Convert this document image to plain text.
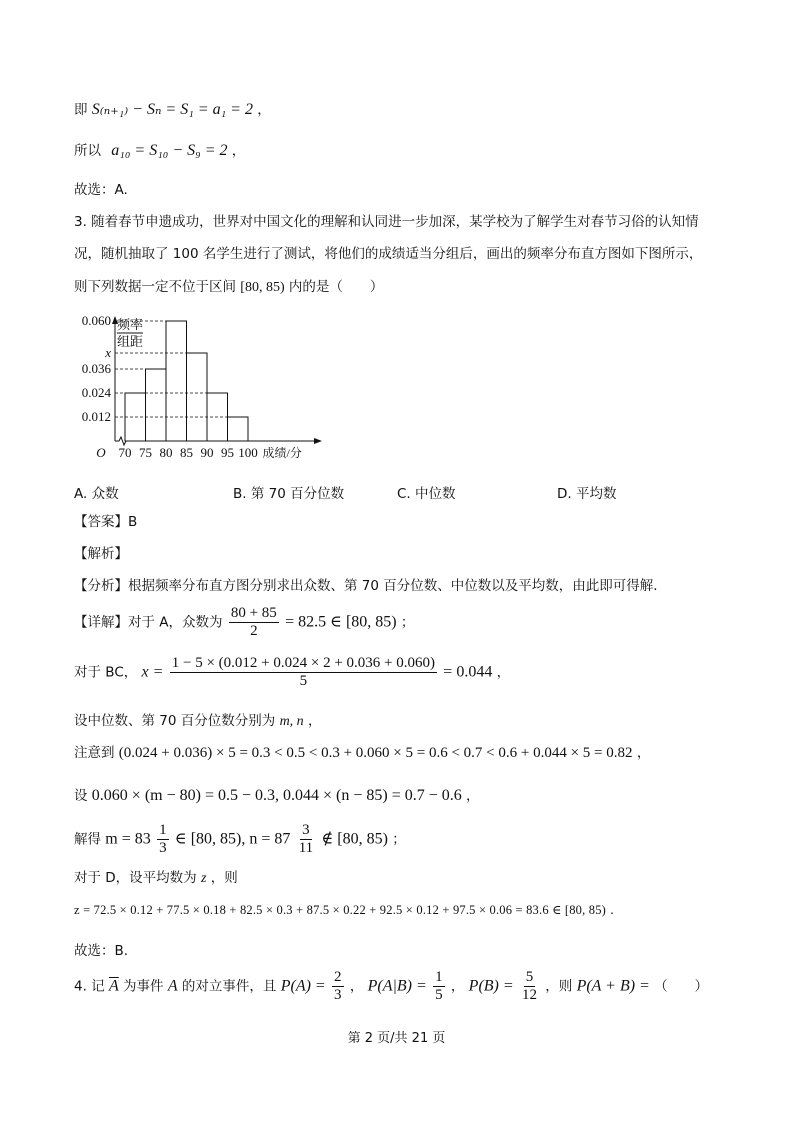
即 S₍ₙ₊₁₎ − Sₙ = S₁ = a₁ = 2 ，
所以 a₁₀ = S₁₀ − S₉ = 2 ，
故选：A.
3. 随着春节申遗成功，世界对中国文化的理解和认同进一步加深，某学校为了解学生对春节习俗的认知情
况，随机抽取了 100 名学生进行了测试，将他们的成绩适当分组后，画出的频率分布直方图如下图所示，
则下列数据一定不位于区间 [80, 85) 内的是（　　）
频率
组距
O
0.060
x
0.036
0.024
0.012
70 75 80 85 90 95 100 成绩/分
A. 众数	B. 第 70 百分位数	C. 中位数	D. 平均数
【答案】B
【解析】
【分析】根据频率分布直方图分别求出众数、第 70 百分位数、中位数以及平均数，由此即可得解.
【详解】对于 A，众数为 $\frac{80 + 85}{2} = 82.5$ ∈ [80, 85) ；
对于 BC， $x = \frac{1 - 5 \times (0.012 + 0.024 \times 2 + 0.036 + 0.060)}{5} = 0.044$ ，
设中位数、第 70 百分位数分别为 m, n ，
注意到 (0.024 + 0.036) × 5 = 0.3 < 0.5 < 0.3 + 0.060 × 5 = 0.6 < 0.7 < 0.6 + 0.044 × 5 = 0.82 ，
设 0.060 × (m − 80) = 0.5 − 0.3, 0.044 × (n − 85) = 0.7 − 0.6 ，
解得 $m = 83 \frac{1}{3}$ ∈ [80, 85), $n = 87 \frac{3}{11}$ ∉ [80, 85) ；
对于 D，设平均数为 z ，则
z = 72.5 × 0.12 + 77.5 × 0.18 + 82.5 × 0.3 + 87.5 × 0.22 + 92.5 × 0.12 + 97.5 × 0.06 = 83.6 ∈ [80, 85) .
故选：B.
4. 记 $\overline{A}$ 为事件 A 的对立事件，且 $P(A) = \frac{2}{3}$ ， $P(A|B) = \frac{1}{5}$ ， $P(B) = \frac{5}{12}$ ，则 P(A + B) = （　　）
第 2 页/共 21 页
